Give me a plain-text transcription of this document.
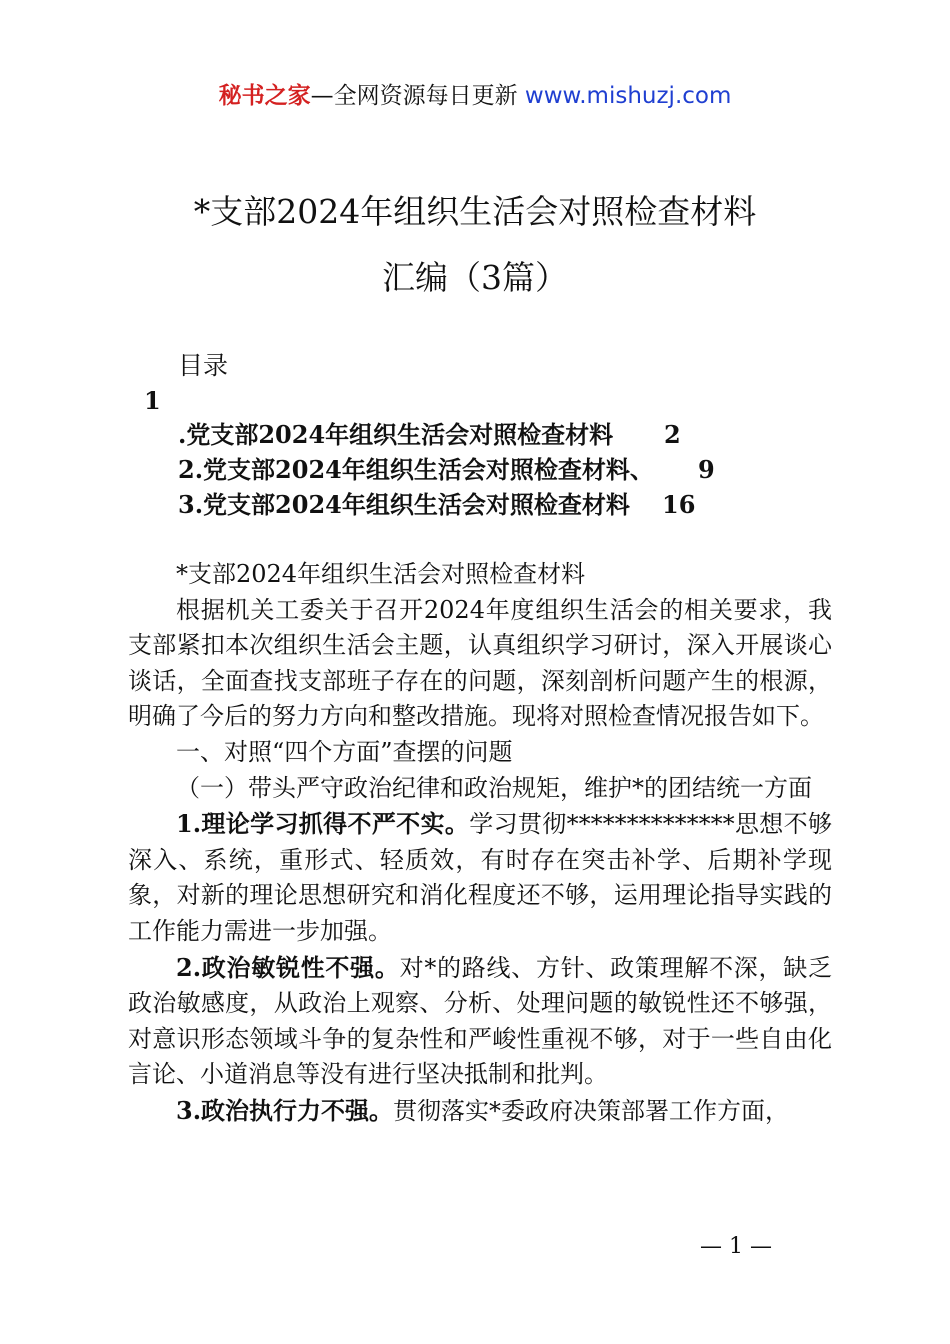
秘书之家—全网资源每日更新 www.mishuzj.com
*支部2024年组织生活会对照检查材料
汇编（3篇）
目录
1
.党支部2024年组织生活会对照检查材料 2
2.党支部2024年组织生活会对照检查材料、 9
3.党支部2024年组织生活会对照检查材料 16

*支部2024年组织生活会对照检查材料

根据机关工委关于召开2024年度组织生活会的相关要求，我支部紧扣本次组织生活会主题，认真组织学习研讨，深入开展谈心谈话，全面查找支部班子存在的问题，深刻剖析问题产生的根源，明确了今后的努力方向和整改措施。现将对照检查情况报告如下。

一、对照“四个方面”查摆的问题

（一）带头严守政治纪律和政治规矩，维护*的团结统一方面

1.理论学习抓得不严不实。学习贯彻**************思想不够深入、系统，重形式、轻质效，有时存在突击补学、后期补学现象，对新的理论思想研究和消化程度还不够，运用理论指导实践的工作能力需进一步加强。

2.政治敏锐性不强。对*的路线、方针、政策理解不深，缺乏政治敏感度，从政治上观察、分析、处理问题的敏锐性还不够强，对意识形态领域斗争的复杂性和严峻性重视不够，对于一些自由化言论、小道消息等没有进行坚决抵制和批判。

3.政治执行力不强。贯彻落实*委政府决策部署工作方面，

— 1 —
